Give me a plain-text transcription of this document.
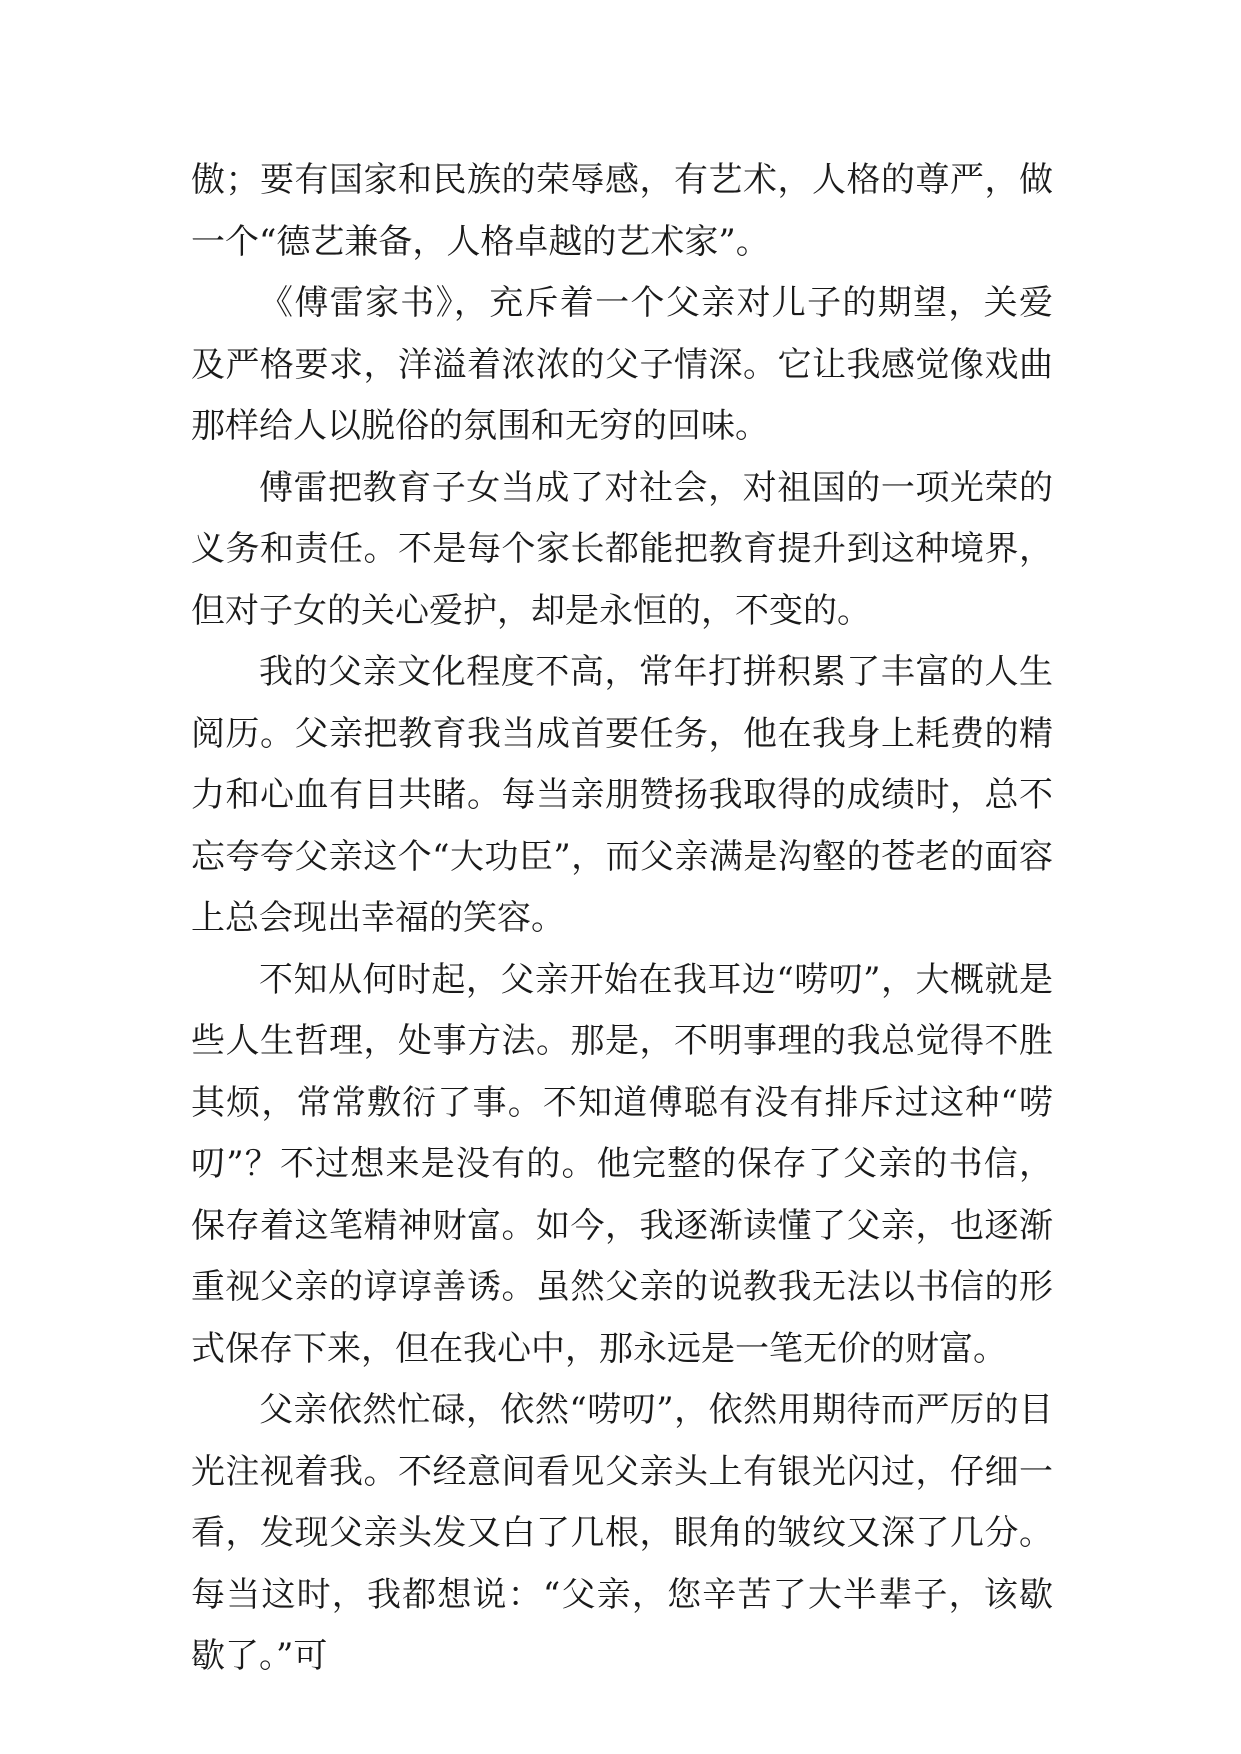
傲；要有国家和民族的荣辱感，有艺术，人格的尊严，做一个“德艺兼备，人格卓越的艺术家”。

《傅雷家书》，充斥着一个父亲对儿子的期望，关爱及严格要求，洋溢着浓浓的父子情深。它让我感觉像戏曲那样给人以脱俗的氛围和无穷的回味。

傅雷把教育子女当成了对社会，对祖国的一项光荣的义务和责任。不是每个家长都能把教育提升到这种境界，但对子女的关心爱护，却是永恒的，不变的。

我的父亲文化程度不高，常年打拼积累了丰富的人生阅历。父亲把教育我当成首要任务，他在我身上耗费的精力和心血有目共睹。每当亲朋赞扬我取得的成绩时，总不忘夸夸父亲这个“大功臣”，而父亲满是沟壑的苍老的面容上总会现出幸福的笑容。

不知从何时起，父亲开始在我耳边“唠叨”，大概就是些人生哲理，处事方法。那是，不明事理的我总觉得不胜其烦，常常敷衍了事。不知道傅聪有没有排斥过这种“唠叨”？不过想来是没有的。他完整的保存了父亲的书信，保存着这笔精神财富。如今，我逐渐读懂了父亲，也逐渐重视父亲的谆谆善诱。虽然父亲的说教我无法以书信的形式保存下来，但在我心中，那永远是一笔无价的财富。

父亲依然忙碌，依然“唠叨”，依然用期待而严厉的目光注视着我。不经意间看见父亲头上有银光闪过，仔细一看，发现父亲头发又白了几根，眼角的皱纹又深了几分。每当这时，我都想说：“父亲，您辛苦了大半辈子，该歇歇了。”可
